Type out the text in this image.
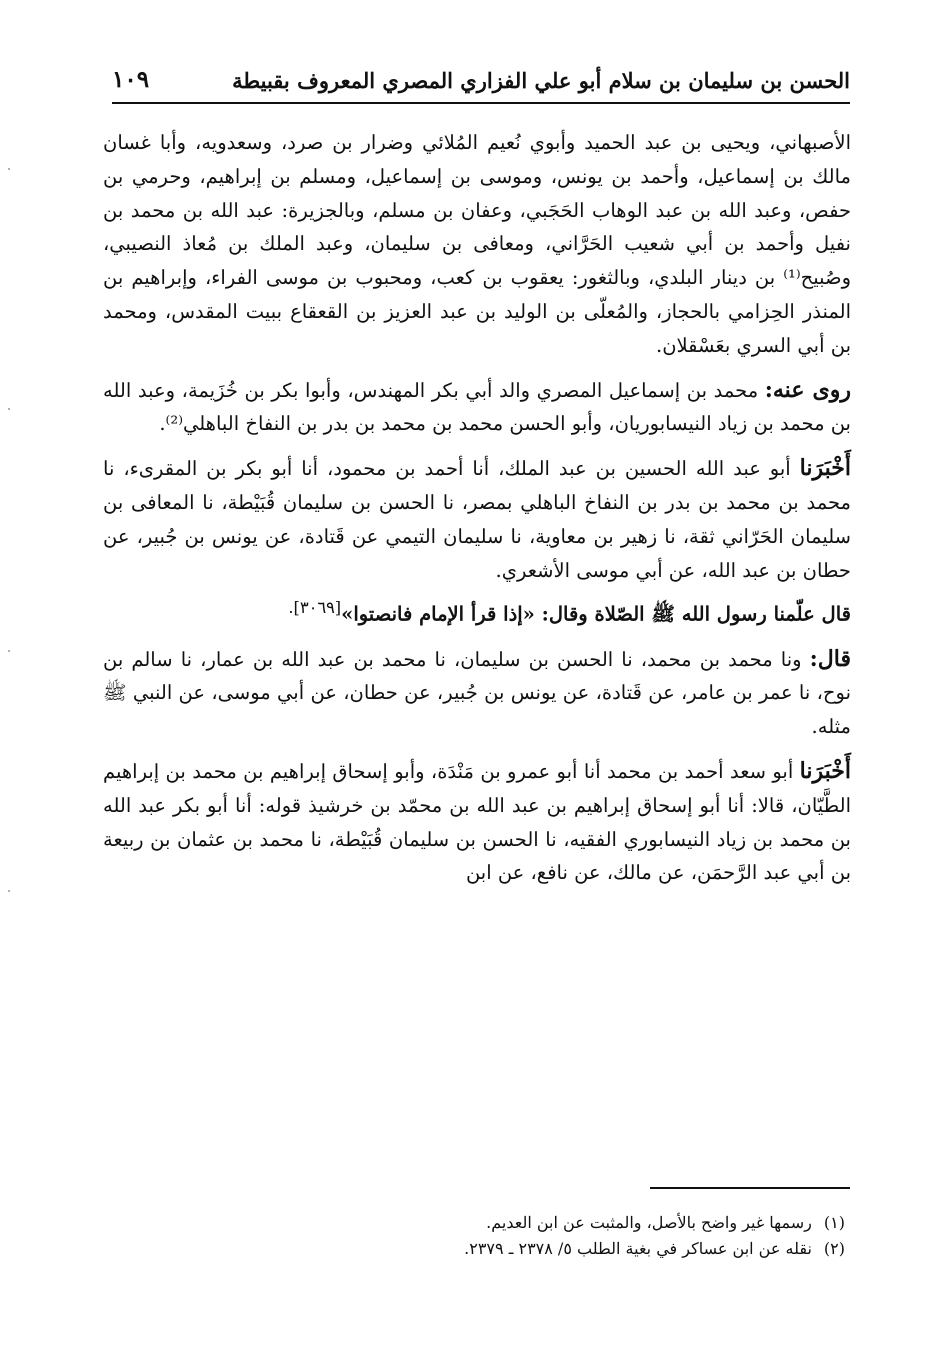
الحسن بن سليمان بن سلام أبو علي الفزاري المصري المعروف بقبيطة
١٠٩

الأصبهاني، ويحيى بن عبد الحميد وأبوي نُعيم المُلائي وضرار بن صرد، وسعدويه، وأبا غسان مالك بن إسماعيل، وأحمد بن يونس، وموسى بن إسماعيل، ومسلم بن إبراهيم، وحرمي بن حفص، وعبد الله بن عبد الوهاب الحَجَبي، وعفان بن مسلم، وبالجزيرة: عبد الله بن محمد بن نفيل وأحمد بن أبي شعيب الحَرَّاني، ومعافى بن سليمان، وعبد الملك بن مُعاذ النصيبي، وصُبيح⁽¹⁾ بن دينار البلدي، وبالثغور: يعقوب بن كعب، ومحبوب بن موسى الفراء، وإبراهيم بن المنذر الحِزامي بالحجاز، والمُعلّى بن الوليد بن عبد العزيز بن القعقاع ببيت المقدس، ومحمد بن أبي السري بعَسْقلان.

روى عنه: محمد بن إسماعيل المصري والد أبي بكر المهندس، وأبوا بكر بن خُزَيمة، وعبد الله بن محمد بن زياد النيسابوريان، وأبو الحسن محمد بن محمد بن بدر بن النفاخ الباهلي⁽²⁾.

أَخْبَرَنا أبو عبد الله الحسين بن عبد الملك، أنا أحمد بن محمود، أنا أبو بكر بن المقرىء، نا محمد بن محمد بن بدر بن النفاخ الباهلي بمصر، نا الحسن بن سليمان قُبَيْطة، نا المعافى بن سليمان الحَرّاني ثقة، نا زهير بن معاوية، نا سليمان التيمي عن قَتادة، عن يونس بن جُبير، عن حطان بن عبد الله، عن أبي موسى الأشعري.

قال علّمنا رسول الله ﷺ الصّلاة وقال: «إذا قرأ الإمام فانصتوا»$^{[٣٠٦٩].}$

قال: ونا محمد بن محمد، نا الحسن بن سليمان، نا محمد بن عبد الله بن عمار، نا سالم بن نوح، نا عمر بن عامر، عن قَتادة، عن يونس بن جُبير، عن حطان، عن أبي موسى، عن النبي ﷺ مثله.

أَخْبَرَنا أبو سعد أحمد بن محمد أنا أبو عمرو بن مَنْدَة، وأبو إسحاق إبراهيم بن محمد بن إبراهيم الطَّيّان، قالا: أنا أبو إسحاق إبراهيم بن عبد الله بن محمّد بن خرشيذ قوله: أنا أبو بكر عبد الله بن محمد بن زياد النيسابوري الفقيه، نا الحسن بن سليمان قُبَيْطة، نا محمد بن عثمان بن ربيعة بن أبي عبد الرَّحمَن، عن مالك، عن نافع، عن ابن

(١)رسمها غير واضح بالأصل، والمثبت عن ابن العديم.

(٢)نقله عن ابن عساكر في بغية الطلب ٥/ ٢٣٧٨ ـ ٢٣٧٩.
